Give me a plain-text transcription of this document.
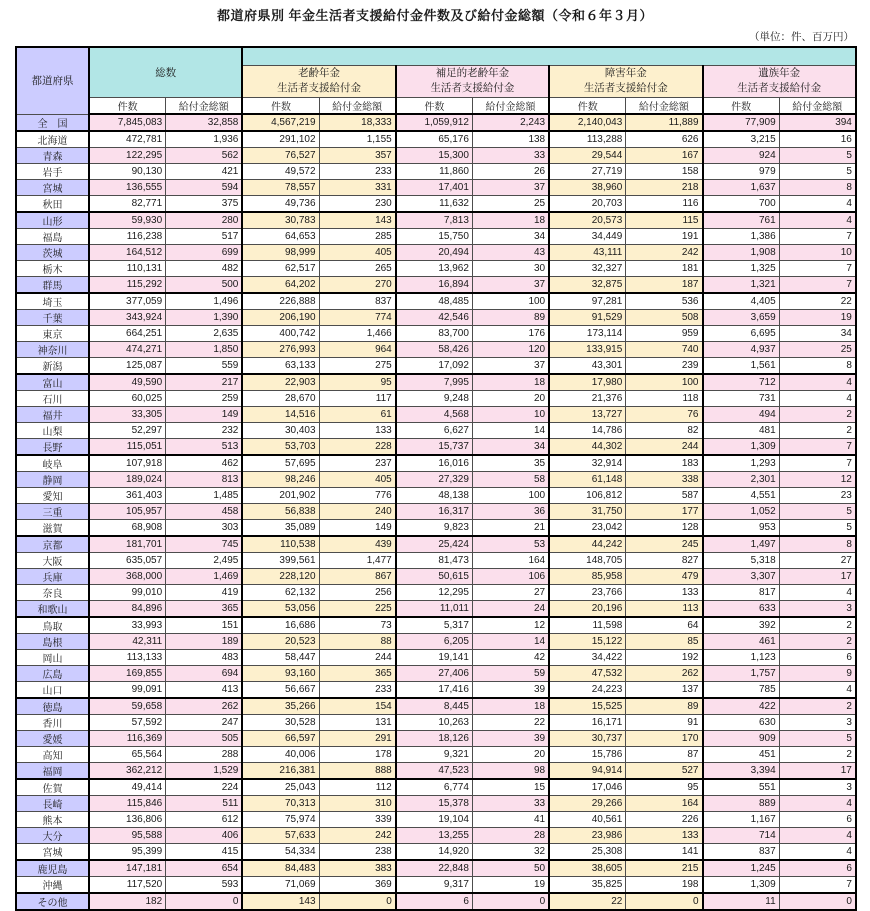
都道府県別 年金生活者支援給付金件数及び給付金総額（令和６年３月）
（単位：件、百万円）
都道府県	総数									

老齢年金
生活者支援給付金

補足的老齢年金
生活者支援給付金

障害年金
生活者支援給付金

遺族年金
生活者支援給付金

	件数	給付金総額	件数	給付金総額	件数	給付金総額	件数	給付金総額	件数	給付金総額
全　国	7,845,083	32,858	4,567,219	18,333	1,059,912	2,243	2,140,043	11,889	77,909	394
北海道	472,781	1,936	291,102	1,155	65,176	138	113,288	626	3,215	16
青森	122,295	562	76,527	357	15,300	33	29,544	167	924	5
岩手	90,130	421	49,572	233	11,860	26	27,719	158	979	5
宮城	136,555	594	78,557	331	17,401	37	38,960	218	1,637	8
秋田	82,771	375	49,736	230	11,632	25	20,703	116	700	4
山形	59,930	280	30,783	143	7,813	18	20,573	115	761	4
福島	116,238	517	64,653	285	15,750	34	34,449	191	1,386	7
茨城	164,512	699	98,999	405	20,494	43	43,111	242	1,908	10
栃木	110,131	482	62,517	265	13,962	30	32,327	181	1,325	7
群馬	115,292	500	64,202	270	16,894	37	32,875	187	1,321	7
埼玉	377,059	1,496	226,888	837	48,485	100	97,281	536	4,405	22
千葉	343,924	1,390	206,190	774	42,546	89	91,529	508	3,659	19
東京	664,251	2,635	400,742	1,466	83,700	176	173,114	959	6,695	34
神奈川	474,271	1,850	276,993	964	58,426	120	133,915	740	4,937	25
新潟	125,087	559	63,133	275	17,092	37	43,301	239	1,561	8
富山	49,590	217	22,903	95	7,995	18	17,980	100	712	4
石川	60,025	259	28,670	117	9,248	20	21,376	118	731	4
福井	33,305	149	14,516	61	4,568	10	13,727	76	494	2
山梨	52,297	232	30,403	133	6,627	14	14,786	82	481	2
長野	115,051	513	53,703	228	15,737	34	44,302	244	1,309	7
岐阜	107,918	462	57,695	237	16,016	35	32,914	183	1,293	7
静岡	189,024	813	98,246	405	27,329	58	61,148	338	2,301	12
愛知	361,403	1,485	201,902	776	48,138	100	106,812	587	4,551	23
三重	105,957	458	56,838	240	16,317	36	31,750	177	1,052	5
滋賀	68,908	303	35,089	149	9,823	21	23,042	128	953	5
京都	181,701	745	110,538	439	25,424	53	44,242	245	1,497	8
大阪	635,057	2,495	399,561	1,477	81,473	164	148,705	827	5,318	27
兵庫	368,000	1,469	228,120	867	50,615	106	85,958	479	3,307	17
奈良	99,010	419	62,132	256	12,295	27	23,766	133	817	4
和歌山	84,896	365	53,056	225	11,011	24	20,196	113	633	3
鳥取	33,993	151	16,686	73	5,317	12	11,598	64	392	2
島根	42,311	189	20,523	88	6,205	14	15,122	85	461	2
岡山	113,133	483	58,447	244	19,141	42	34,422	192	1,123	6
広島	169,855	694	93,160	365	27,406	59	47,532	262	1,757	9
山口	99,091	413	56,667	233	17,416	39	24,223	137	785	4
徳島	59,658	262	35,266	154	8,445	18	15,525	89	422	2
香川	57,592	247	30,528	131	10,263	22	16,171	91	630	3
愛媛	116,369	505	66,597	291	18,126	39	30,737	170	909	5
高知	65,564	288	40,006	178	9,321	20	15,786	87	451	2
福岡	362,212	1,529	216,381	888	47,523	98	94,914	527	3,394	17
佐賀	49,414	224	25,043	112	6,774	15	17,046	95	551	3
長崎	115,846	511	70,313	310	15,378	33	29,266	164	889	4
熊本	136,806	612	75,974	339	19,104	41	40,561	226	1,167	6
大分	95,588	406	57,633	242	13,255	28	23,986	133	714	4
宮城	95,399	415	54,334	238	14,920	32	25,308	141	837	4
鹿児島	147,181	654	84,483	383	22,848	50	38,605	215	1,245	6
沖縄	117,520	593	71,069	369	9,317	19	35,825	198	1,309	7
その他	182	0	143	0	6	0	22	0	11	0
